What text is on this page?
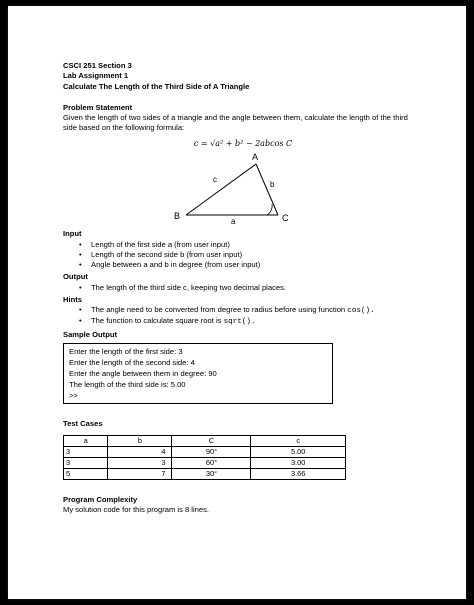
CSCI 251 Section 3
Lab Assignment 1
Calculate The Length of the Third Side of A Triangle
Problem Statement
Given the length of two sides of a triangle and the angle between them, calculate the length of the third side based on the following formula:
c = √a² + b² − 2abcos C
A
B	C
a
b
c
Input
• Length of the first side a (from user input)
• Length of the second side b (from user input)
• Angle between a and b in degree (from user input)
Output
• The length of the third side c, keeping two decimal places.
Hints
• The angle need to be converted from degree to radius before using function cos().
• The function to calculate square root is sqrt().
Sample Output
Enter the length of the first side: 3
Enter the length of the second side: 4
Enter the angle between them in degree: 90
The length of the third side is: 5.00
>>
Test Cases
a	b	C	c
3	4	90°	5.00
3	3	60°	3.00
5	7	30°	3.66
Program Complexity
My solution code for this program is 8 lines.
